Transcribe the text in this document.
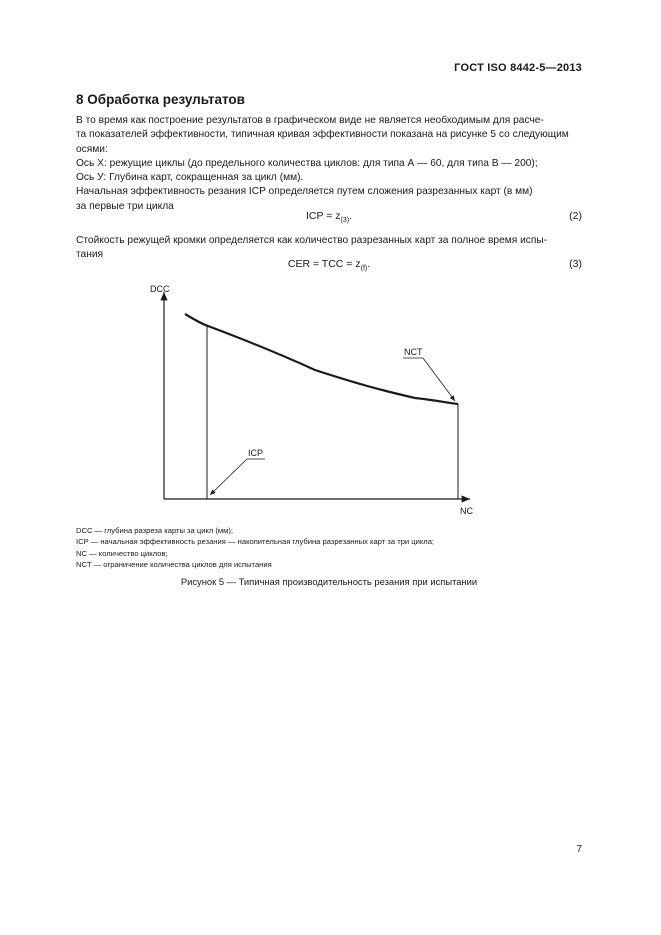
ГОСТ ISO 8442-5—2013
8 Обработка результатов

В то время как построение результатов в графическом виде не является необходимым для расче-

та показателей эффективности, типичная кривая эффективности показана на рисунке 5 со следующим

осями:

Ось X: режущие циклы (до предельного количества циклов: для типа А — 60, для типа В — 200);

Ось У: Глубина карт, сокращенная за цикл (мм).

Начальная эффективность резания ICP определяется путем сложения разрезанных карт (в мм)

за первые три цикла

ICP = $z_{(3)}$.	(2)

Стойкость режущей кромки определяется как количество разрезанных карт за полное время испы-

тания

CER = TCC = $z_{(f)}$.	(3)
DCC
NC
ICP
NCT
DCC — глубина разреза карты за цикл (мм);
ICP — начальная эффективность резания — накопительная глубина разрезанных карт за три цикла;
NC — количество циклов;
NCT — ограничение количества циклов для испытания
Рисунок 5 — Типичная производительность резания при испытании
7
